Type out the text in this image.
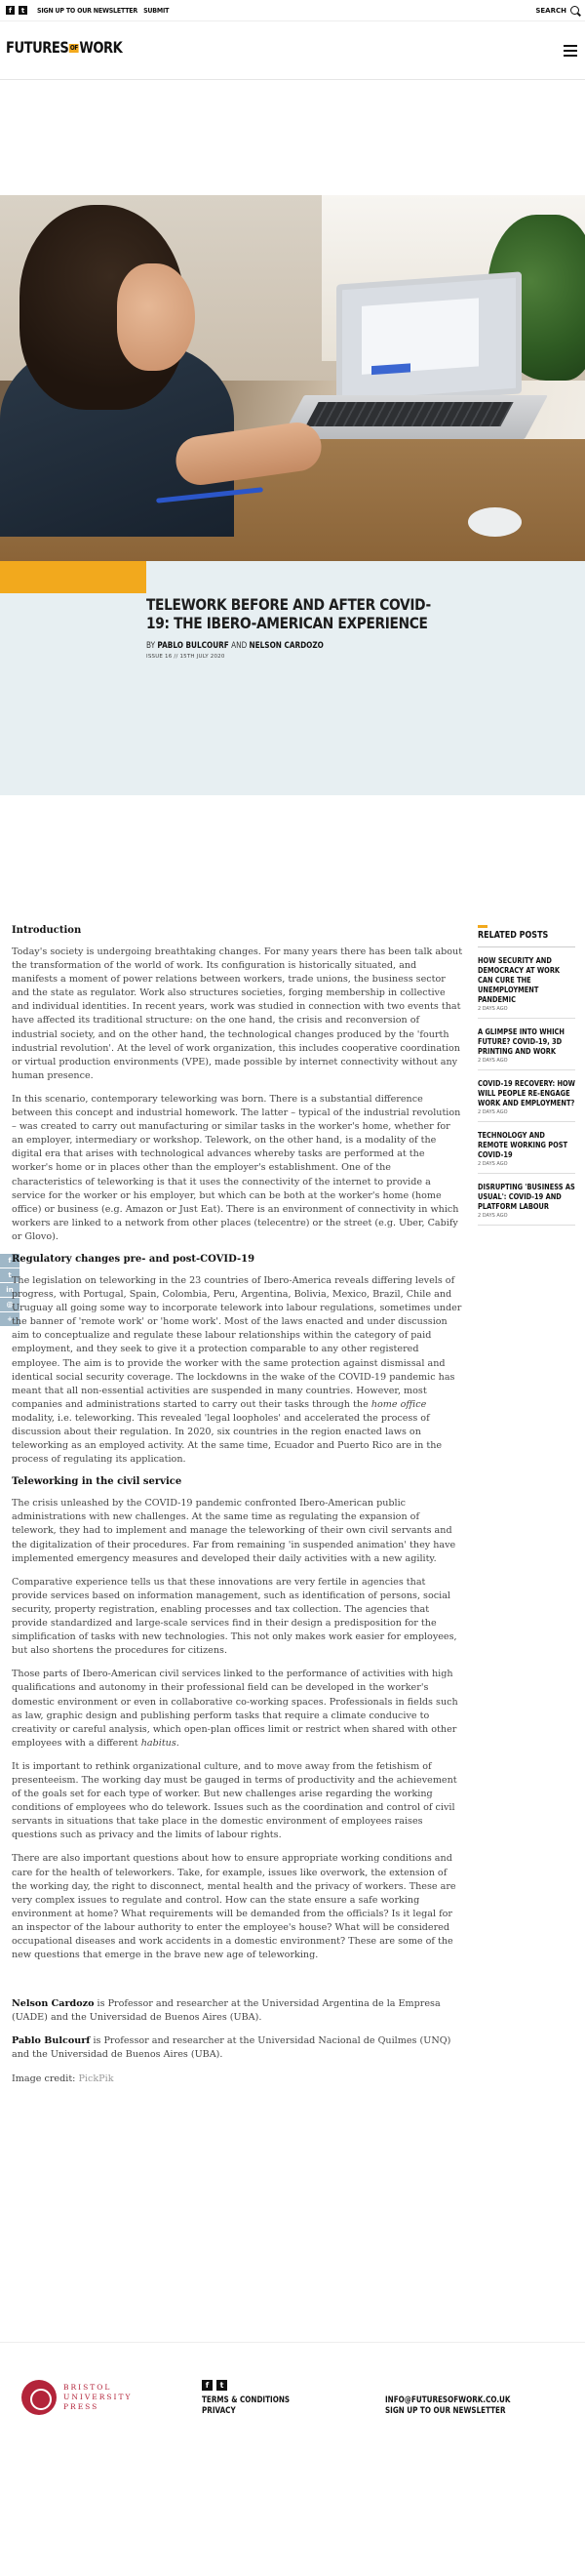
f	t	SIGN UP TO OUR NEWSLETTER SUBMIT	SEARCH
FUTURES OF WORK
TELEWORK BEFORE AND AFTER COVID-19: THE IBERO-AMERICAN EXPERIENCE
BY PABLO BULCOURF AND NELSON CARDOZO
ISSUE 16 // 15TH JULY 2020
f
t
in
@
+
Introduction

Today's society is undergoing breathtaking changes. For many years there has been talk about the transformation of the world of work. Its configuration is historically situated, and manifests a moment of power relations between workers, trade unions, the business sector and the state as regulator. Work also structures societies, forging membership in collective and individual identities. In recent years, work was studied in connection with two events that have affected its traditional structure: on the one hand, the crisis and reconversion of industrial society, and on the other hand, the technological changes produced by the 'fourth industrial revolution'. At the level of work organization, this includes cooperative coordination or virtual production environments (VPE), made possible by internet connectivity without any human presence.

In this scenario, contemporary teleworking was born. There is a substantial difference between this concept and industrial homework. The latter – typical of the industrial revolution – was created to carry out manufacturing or similar tasks in the worker's home, whether for an employer, intermediary or workshop. Telework, on the other hand, is a modality of the digital era that arises with technological advances whereby tasks are performed at the worker's home or in places other than the employer's establishment. One of the characteristics of teleworking is that it uses the connectivity of the internet to provide a service for the worker or his employer, but which can be both at the worker's home (home office) or business (e.g. Amazon or Just Eat). There is an environment of connectivity in which workers are linked to a network from other places (telecentre) or the street (e.g. Uber, Cabify or Glovo).

Regulatory changes pre- and post-COVID-19

The legislation on teleworking in the 23 countries of Ibero-America reveals differing levels of progress, with Portugal, Spain, Colombia, Peru, Argentina, Bolivia, Mexico, Brazil, Chile and Uruguay all going some way to incorporate telework into labour regulations, sometimes under the banner of 'remote work' or 'home work'. Most of the laws enacted and under discussion aim to conceptualize and regulate these labour relationships within the category of paid employment, and they seek to give it a protection comparable to any other registered employee. The aim is to provide the worker with the same protection against dismissal and identical social security coverage. The lockdowns in the wake of the COVID-19 pandemic has meant that all non-essential activities are suspended in many countries. However, most companies and administrations started to carry out their tasks through the home office modality, i.e. teleworking. This revealed 'legal loopholes' and accelerated the process of discussion about their regulation. In 2020, six countries in the region enacted laws on teleworking as an employed activity. At the same time, Ecuador and Puerto Rico are in the process of regulating its application.

Teleworking in the civil service

The crisis unleashed by the COVID-19 pandemic confronted Ibero-American public administrations with new challenges. At the same time as regulating the expansion of telework, they had to implement and manage the teleworking of their own civil servants and the digitalization of their procedures. Far from remaining 'in suspended animation' they have implemented emergency measures and developed their daily activities with a new agility.

Comparative experience tells us that these innovations are very fertile in agencies that provide services based on information management, such as identification of persons, social security, property registration, enabling processes and tax collection. The agencies that provide standardized and large-scale services find in their design a predisposition for the simplification of tasks with new technologies. This not only makes work easier for employees, but also shortens the procedures for citizens.

Those parts of Ibero-American civil services linked to the performance of activities with high qualifications and autonomy in their professional field can be developed in the worker's domestic environment or even in collaborative co-working spaces. Professionals in fields such as law, graphic design and publishing perform tasks that require a climate conducive to creativity or careful analysis, which open-plan offices limit or restrict when shared with other employees with a different habitus.

It is important to rethink organizational culture, and to move away from the fetishism of presenteeism. The working day must be gauged in terms of productivity and the achievement of the goals set for each type of worker. But new challenges arise regarding the working conditions of employees who do telework. Issues such as the coordination and control of civil servants in situations that take place in the domestic environment of employees raises questions such as privacy and the limits of labour rights.

There are also important questions about how to ensure appropriate working conditions and care for the health of teleworkers. Take, for example, issues like overwork, the extension of the working day, the right to disconnect, mental health and the privacy of workers. These are very complex issues to regulate and control. How can the state ensure a safe working environment at home? What requirements will be demanded from the officials? Is it legal for an inspector of the labour authority to enter the employee's house? What will be considered occupational diseases and work accidents in a domestic environment? These are some of the new questions that emerge in the brave new age of teleworking.

Nelson Cardozo is Professor and researcher at the Universidad Argentina de la Empresa (UADE) and the Universidad de Buenos Aires (UBA).

Pablo Bulcourf is Professor and researcher at the Universidad Nacional de Quilmes (UNQ) and the Universidad de Buenos Aires (UBA).

Image credit: PickPik

RELATED POSTS
HOW SECURITY AND DEMOCRACY AT WORK CAN CURE THE UNEMPLOYMENT PANDEMIC
2 DAYS AGO
A GLIMPSE INTO WHICH FUTURE? COVID-19, 3D PRINTING AND WORK
2 DAYS AGO
COVID-19 RECOVERY: HOW WILL PEOPLE RE-ENGAGE WORK AND EMPLOYMENT?
2 DAYS AGO
TECHNOLOGY AND REMOTE WORKING POST COVID-19
2 DAYS AGO
DISRUPTING 'BUSINESS AS USUAL': COVID-19 AND PLATFORM LABOUR
2 DAYS AGO
BRISTOL
UNIVERSITY
PRESS
f	t
TERMS & CONDITIONS
PRIVACY
INFO@FUTURESOFWORK.CO.UK
SIGN UP TO OUR NEWSLETTER
